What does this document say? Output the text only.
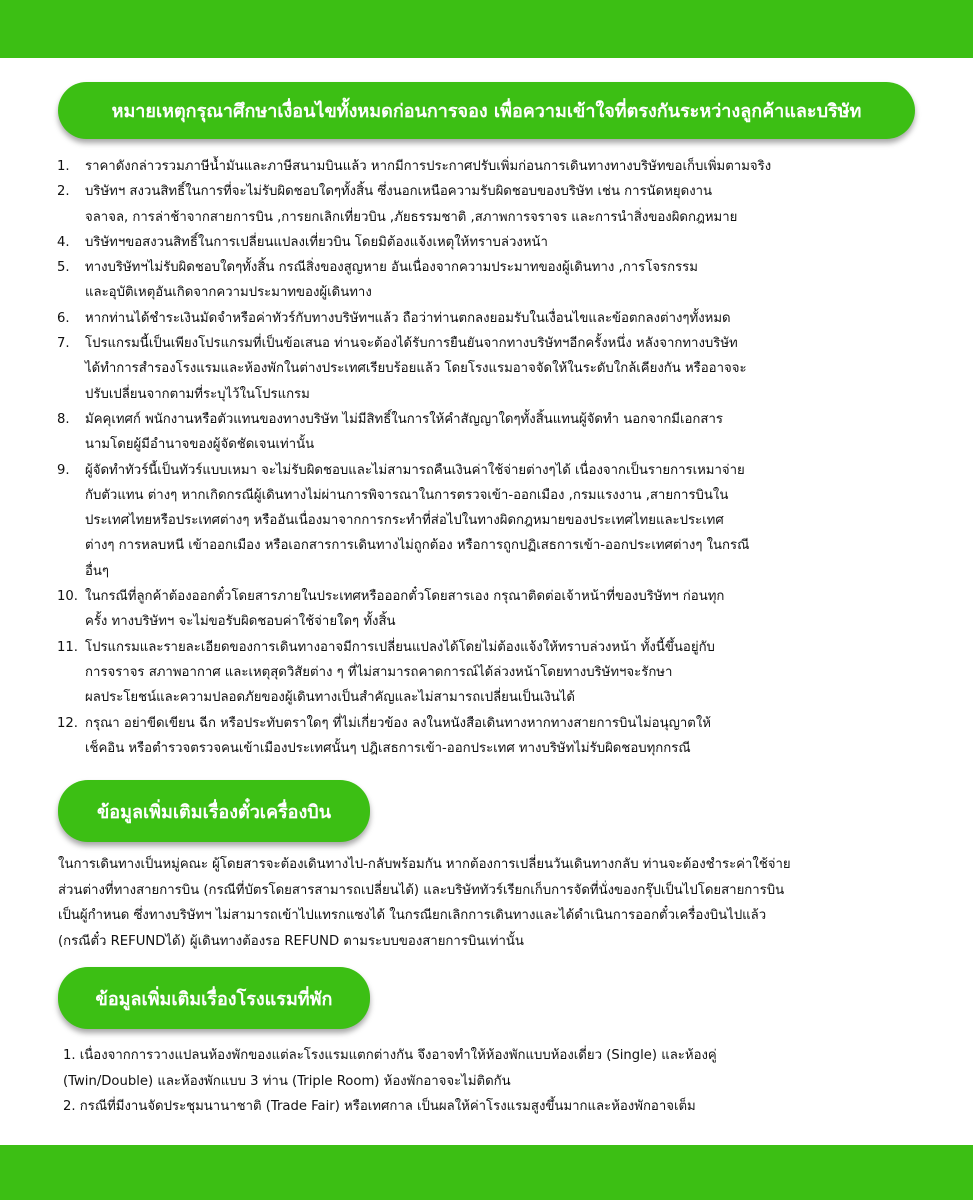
หมายเหตุกรุณาศึกษาเงื่อนไขทั้งหมดก่อนการจอง เพื่อความเข้าใจที่ตรงกันระหว่างลูกค้าและบริษัท
1. ราคาดังกล่าวรวมภาษีน้ำมันและภาษีสนามบินแล้ว หากมีการประกาศปรับเพิ่มก่อนการเดินทางทางบริษัทขอเก็บเพิ่มตามจริง
2. บริษัทฯ สงวนสิทธิ์ในการที่จะไม่รับผิดชอบใดๆทั้งสิ้น ซึ่งนอกเหนือความรับผิดชอบของบริษัท เช่น การนัดหยุดงาน
จลาจล, การล่าช้าจากสายการบิน ,การยกเลิกเที่ยวบิน ,ภัยธรรมชาติ ,สภาพการจราจร และการนำสิ่งของผิดกฎหมาย
4. บริษัทฯขอสงวนสิทธิ์ในการเปลี่ยนแปลงเที่ยวบิน โดยมิต้องแจ้งเหตุให้ทราบล่วงหน้า
5. ทางบริษัทฯไม่รับผิดชอบใดๆทั้งสิ้น กรณีสิ่งของสูญหาย อันเนื่องจากความประมาทของผู้เดินทาง ,การโจรกรรม
และอุบัติเหตุอันเกิดจากความประมาทของผู้เดินทาง
6. หากท่านได้ชำระเงินมัดจำหรือค่าทัวร์กับทางบริษัทฯแล้ว ถือว่าท่านตกลงยอมรับในเงื่อนไขและข้อตกลงต่างๆทั้งหมด
7. โปรแกรมนี้เป็นเพียงโปรแกรมที่เป็นข้อเสนอ ท่านจะต้องได้รับการยืนยันจากทางบริษัทฯอีกครั้งหนึ่ง หลังจากทางบริษัท
ได้ทำการสำรองโรงแรมและห้องพักในต่างประเทศเรียบร้อยแล้ว โดยโรงแรมอาจจัดให้ในระดับใกล้เคียงกัน หรืออาจจะ
ปรับเปลี่ยนจากตามที่ระบุไว้ในโปรแกรม
8. มัคคุเทศก์ พนักงานหรือตัวแทนของทางบริษัท ไม่มีสิทธิ์ในการให้คำสัญญาใดๆทั้งสิ้นแทนผู้จัดทำ นอกจากมีเอกสาร
นามโดยผู้มีอำนาจของผู้จัดชัดเจนเท่านั้น
9. ผู้จัดทำทัวร์นี้เป็นทัวร์แบบเหมา จะไม่รับผิดชอบและไม่สามารถคืนเงินค่าใช้จ่ายต่างๆได้ เนื่องจากเป็นรายการเหมาจ่าย
กับตัวแทน ต่างๆ หากเกิดกรณีผู้เดินทางไม่ผ่านการพิจารณาในการตรวจเข้า-ออกเมือง ,กรมแรงงาน ,สายการบินใน
ประเทศไทยหรือประเทศต่างๆ หรืออันเนื่องมาจากการกระทำที่ส่อไปในทางผิดกฎหมายของประเทศไทยและประเทศ
ต่างๆ การหลบหนี เข้าออกเมือง หรือเอกสารการเดินทางไม่ถูกต้อง หรือการถูกปฏิเสธการเข้า-ออกประเทศต่างๆ ในกรณี
อื่นๆ
10. ในกรณีที่ลูกค้าต้องออกตั๋วโดยสารภายในประเทศหรือออกตั๋วโดยสารเอง กรุณาติดต่อเจ้าหน้าที่ของบริษัทฯ ก่อนทุก
ครั้ง ทางบริษัทฯ จะไม่ขอรับผิดชอบค่าใช้จ่ายใดๆ ทั้งสิ้น
11. โปรแกรมและรายละเอียดของการเดินทางอาจมีการเปลี่ยนแปลงได้โดยไม่ต้องแจ้งให้ทราบล่วงหน้า ทั้งนี้ขึ้นอยู่กับ
การจราจร สภาพอากาศ และเหตุสุดวิสัยต่าง ๆ ที่ไม่สามารถคาดการณ์ได้ล่วงหน้าโดยทางบริษัทฯจะรักษา
ผลประโยชน์และความปลอดภัยของผู้เดินทางเป็นสำคัญและไม่สามารถเปลี่ยนเป็นเงินได้
12. กรุณา อย่าขีดเขียน ฉีก หรือประทับตราใดๆ ที่ไม่เกี่ยวข้อง ลงในหนังสือเดินทางหากทางสายการบินไม่อนุญาตให้
เช็คอิน หรือตำรวจตรวจคนเข้าเมืองประเทศนั้นๆ ปฎิเสธการเข้า-ออกประเทศ ทางบริษัทไม่รับผิดชอบทุกกรณี
ข้อมูลเพิ่มเติมเรื่องตั๋วเครื่องบิน
ในการเดินทางเป็นหมู่คณะ ผู้โดยสารจะต้องเดินทางไป-กลับพร้อมกัน หากต้องการเปลี่ยนวันเดินทางกลับ ท่านจะต้องชำระค่าใช้จ่าย
ส่วนต่างที่ทางสายการบิน (กรณีที่บัตรโดยสารสามารถเปลี่ยนได้) และบริษัททัวร์เรียกเก็บการจัดที่นั่งของกรุ๊ปเป็นไปโดยสายการบิน
เป็นผู้กำหนด ซึ่งทางบริษัทฯ ไม่สามารถเข้าไปแทรกแซงได้ ในกรณียกเลิกการเดินทางและได้ดำเนินการออกตั๋วเครื่องบินไปแล้ว
(กรณีตั๋ว REFUNDได้) ผู้เดินทางต้องรอ REFUND ตามระบบของสายการบินเท่านั้น
ข้อมูลเพิ่มเติมเรื่องโรงแรมที่พัก
1. เนื่องจากการวางแปลนห้องพักของแต่ละโรงแรมแตกต่างกัน จึงอาจทำให้ห้องพักแบบห้องเดี่ยว (Single) และห้องคู่
(Twin/Double) และห้องพักแบบ 3 ท่าน (Triple Room) ห้องพักอาจจะไม่ติดกัน
2. กรณีที่มีงานจัดประชุมนานาชาติ (Trade Fair) หรือเทศกาล เป็นผลให้ค่าโรงแรมสูงขึ้นมากและห้องพักอาจเต็ม
